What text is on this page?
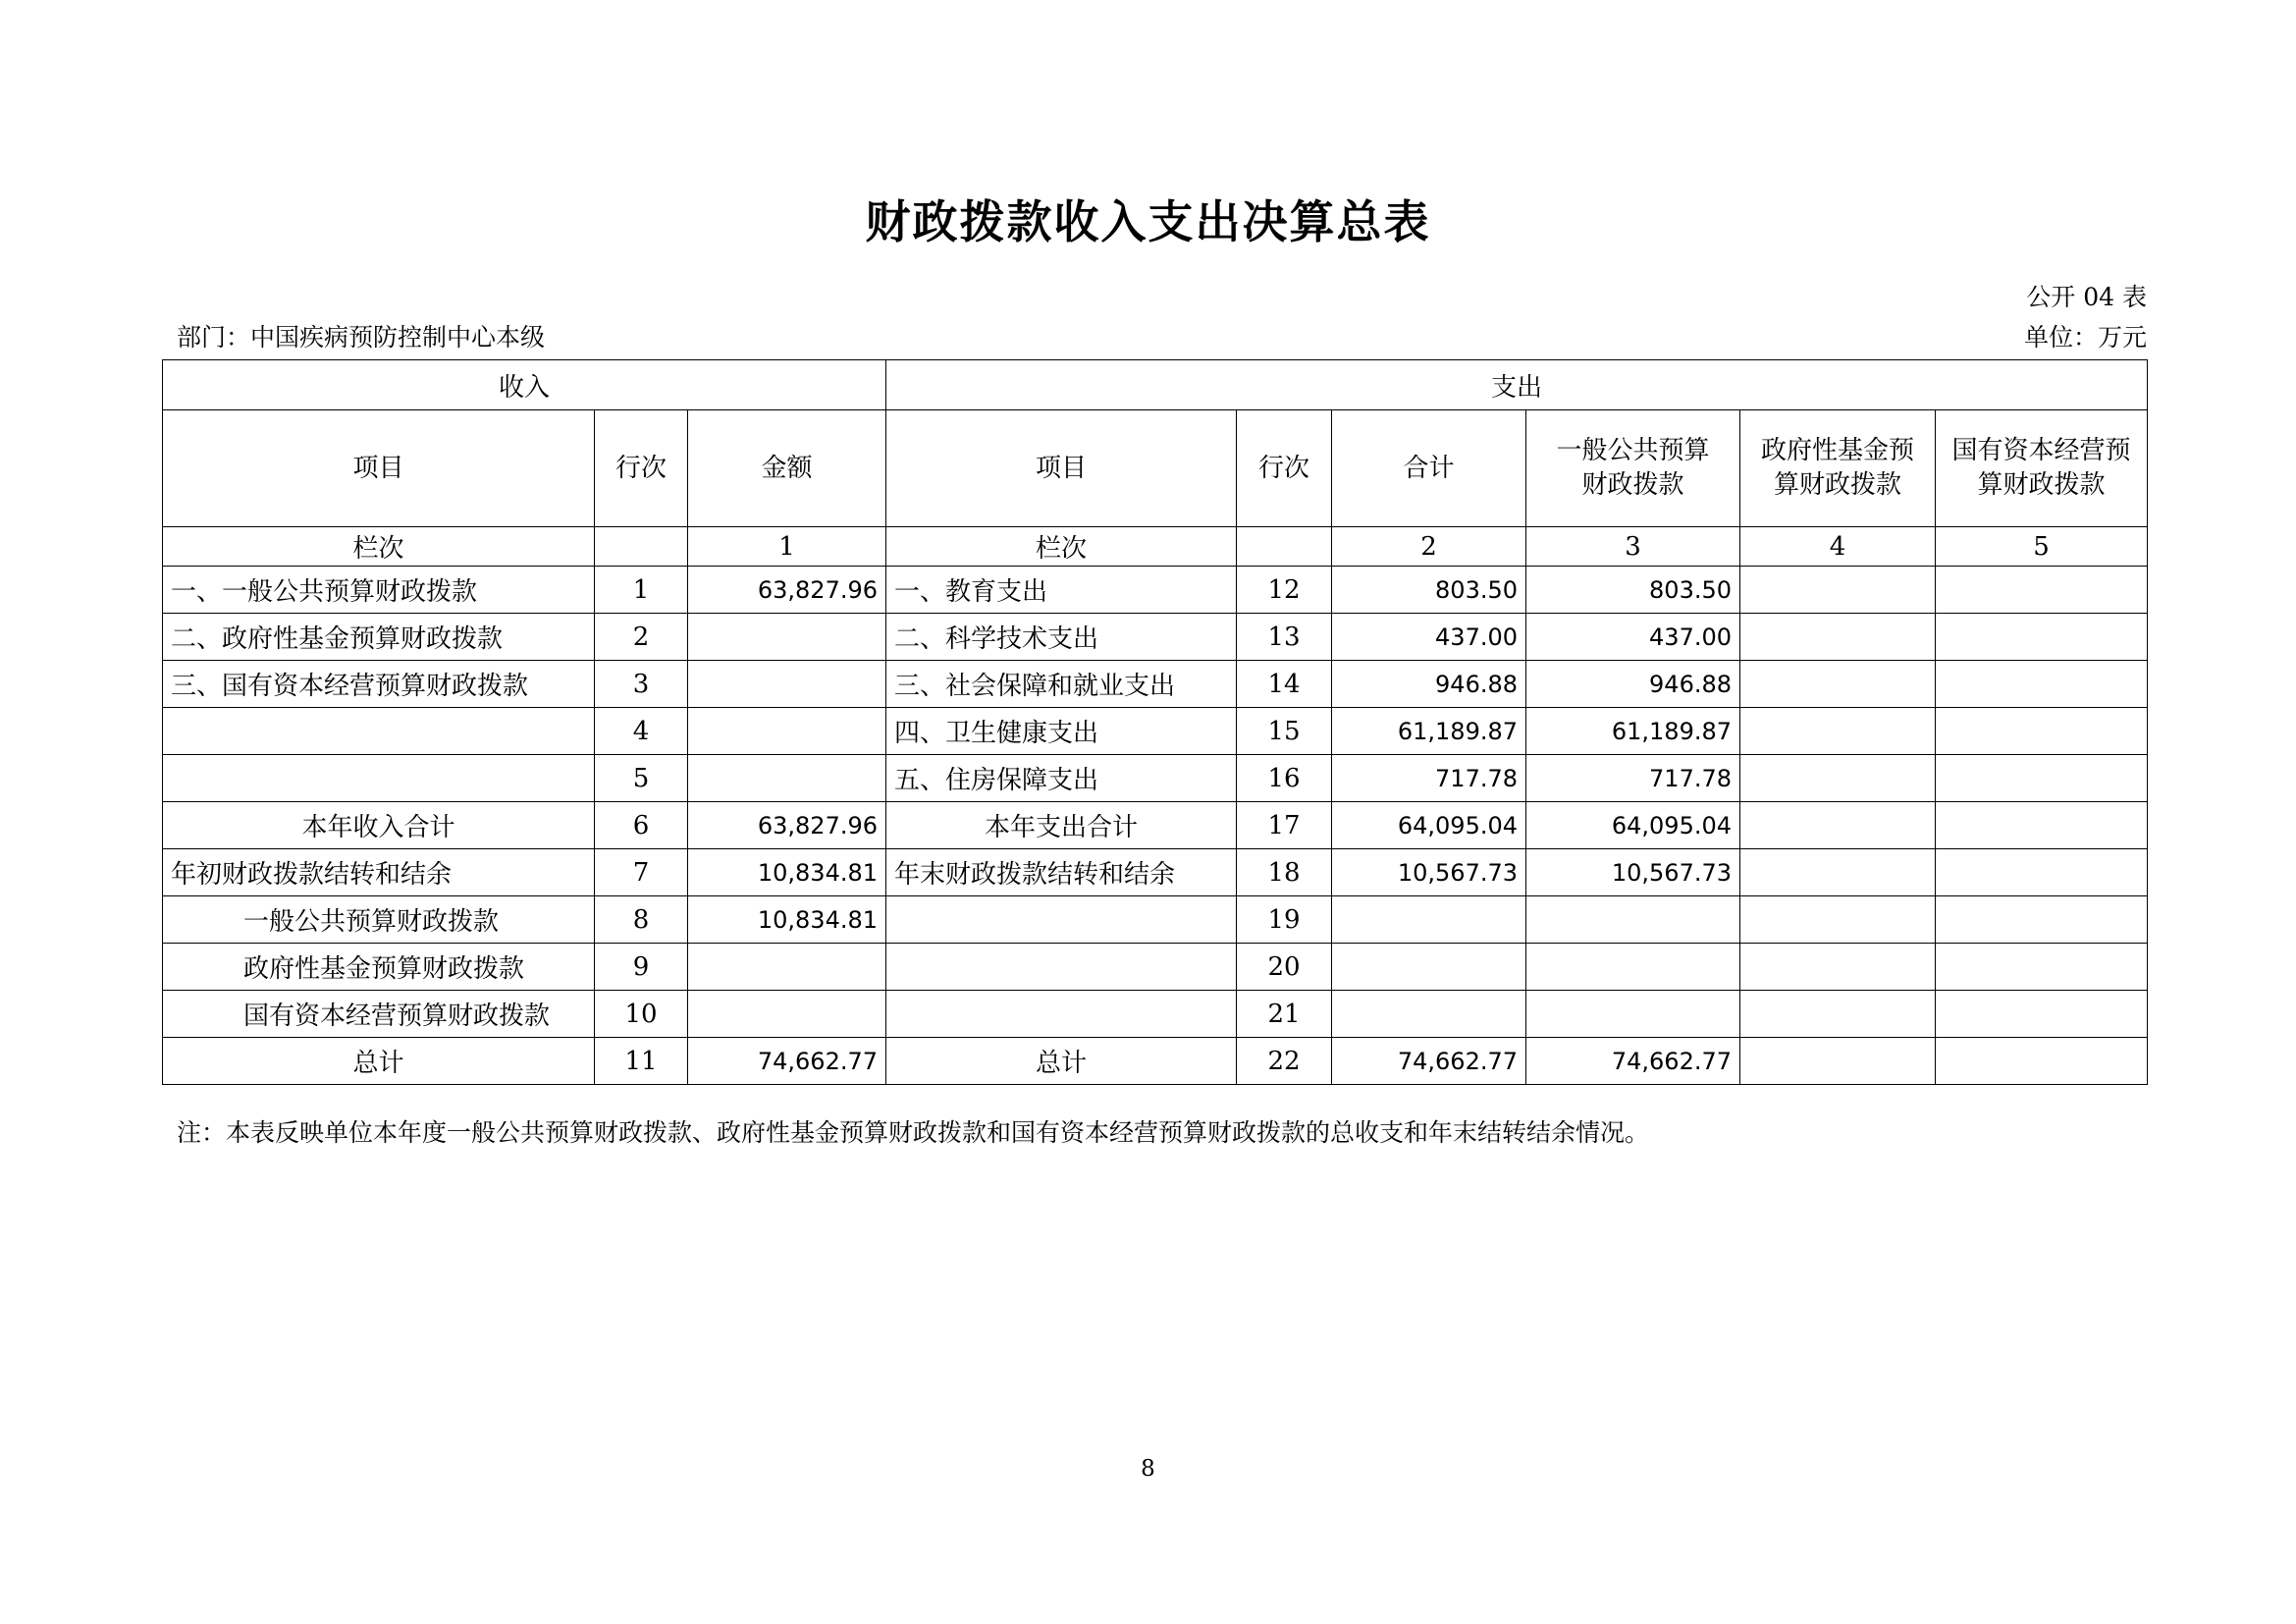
财政拨款收入支出决算总表
公开 04 表
部门：中国疾病预防控制中心本级	单位：万元
收入			支出					
项目	行次	金额	项目	行次	合计	一般公共预算财政拨款	政府性基金预算财政拨款	国有资本经营预算财政拨款
栏次		1	栏次		2	3	4	5
一、一般公共预算财政拨款	1	63,827.96	一、教育支出	12	803.50	803.50		
二、政府性基金预算财政拨款	2		二、科学技术支出	13	437.00	437.00		
三、国有资本经营预算财政拨款	3		三、社会保障和就业支出	14	946.88	946.88		
	4		四、卫生健康支出	15	61,189.87	61,189.87		
	5		五、住房保障支出	16	717.78	717.78		
本年收入合计	6	63,827.96	本年支出合计	17	64,095.04	64,095.04		
年初财政拨款结转和结余	7	10,834.81	年末财政拨款结转和结余	18	10,567.73	10,567.73		
一般公共预算财政拨款	8	10,834.81		19				
政府性基金预算财政拨款	9			20				
国有资本经营预算财政拨款	10			21				
总计	11	74,662.77	总计	22	74,662.77	74,662.77		
注：本表反映单位本年度一般公共预算财政拨款、政府性基金预算财政拨款和国有资本经营预算财政拨款的总收支和年末结转结余情况。
8
